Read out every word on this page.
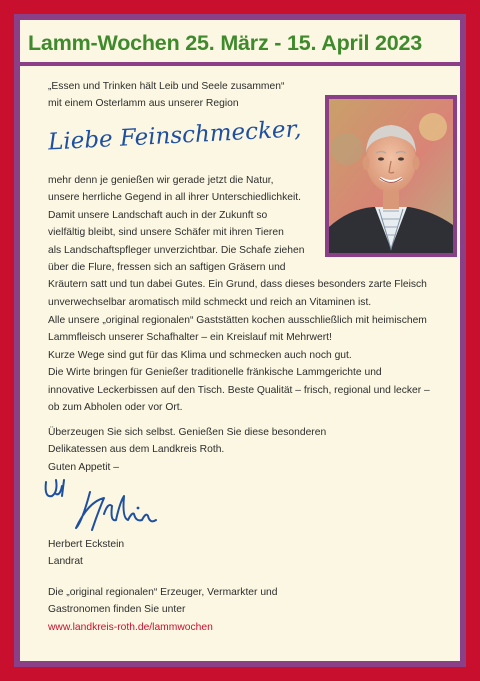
Lamm-Wochen 25. März - 15. April 2023

„Essen und Trinken hält Leib und Seele zusammen“
mit einem Osterlamm aus unserer Region

Liebe Feinschmecker,

mehr denn je genießen wir gerade jetzt die Natur,
unsere herrliche Gegend in all ihrer Unterschiedlichkeit.
Damit unsere Landschaft auch in der Zukunft so
vielfältig bleibt, sind unsere Schäfer mit ihren Tieren
als Landschaftspfleger unverzichtbar. Die Schafe ziehen

über die Flure, fressen sich an saftigen Gräsern und
Kräutern satt und tun dabei Gutes. Ein Grund, dass dieses besonders zarte Fleisch
unverwechselbar aromatisch mild schmeckt und reich an Vitaminen ist.

Alle unsere „original regionalen“ Gaststätten kochen ausschließlich mit heimischem
Lammfleisch unserer Schafhalter – ein Kreislauf mit Mehrwert!
Kurze Wege sind gut für das Klima und schmecken auch noch gut.
Die Wirte bringen für Genießer traditionelle fränkische Lammgerichte und
innovative Leckerbissen auf den Tisch. Beste Qualität – frisch, regional und lecker –
ob zum Abholen oder vor Ort.

Überzeugen Sie sich selbst. Genießen Sie diese besonderen
Delikatessen aus dem Landkreis Roth.
Guten Appetit –

Herbert Eckstein
Landrat

Die „original regionalen“ Erzeuger, Vermarkter und
Gastronomen finden Sie unter
www.landkreis-roth.de/lammwochen
